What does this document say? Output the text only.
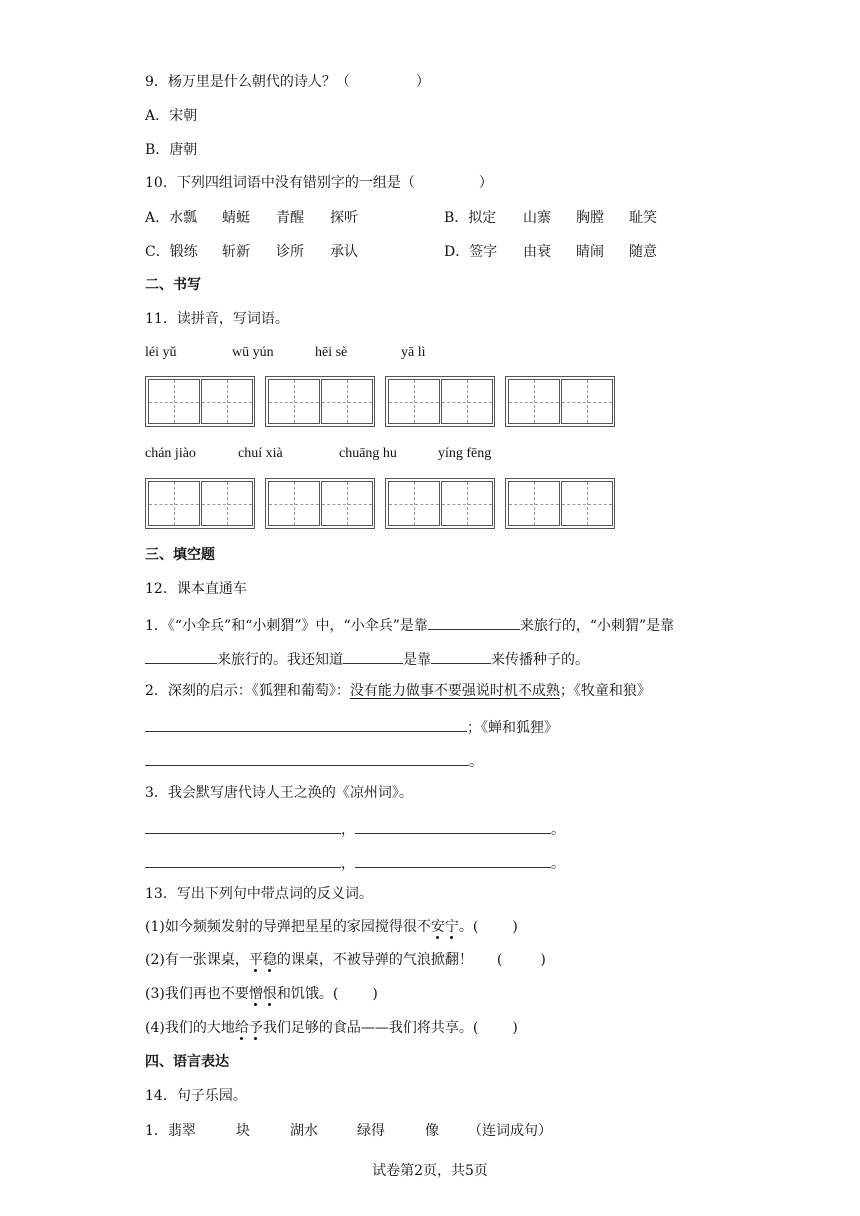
9．杨万里是什么朝代的诗人？（	）
A．宋朝
B．唐朝
10．下列四组词语中没有错别字的一组是（	）
A．水瓢 蜻蜓 青醒 探听	B．拟定 山寨 胸膛 耻笑
C．锻练 斩新 诊所 承认	D．签字 由衰 睛闹 随意
二、书写
11．读拼音，写词语。
léi yǔ	wū yún	hēi sè	yā lì
chán jiào	chuí xià	chuāng hu	yíng fēng
三、填空题
12．课本直通车
1．《“小伞兵”和“小刺猬”》中，“小伞兵”是靠	来旅行的，“小刺猬”是靠
来旅行的。我还知道	是靠	来传播种子的。
2．深刻的启示：《狐狸和葡萄》：没有能力做事不要强说时机不成熟；《牧童和狼》
；《蝉和狐狸》
。
3．我会默写唐代诗人王之涣的《凉州词》。
，	。
，	。
13．写出下列句中带点词的反义词。
(1)如今频频发射的导弹把星星的家园搅得很不安宁。( )
(2)有一张课桌，平稳的课桌，不被导弹的气浪掀翻！ (	)
(3)我们再也不要憎恨和饥饿。( )
(4)我们的大地给予我们足够的食品——我们将共享。( )
四、语言表达
14．句子乐园。
1．翡翠	块	湖水	绿得	像 （连词成句）
试卷第2页，共5页
